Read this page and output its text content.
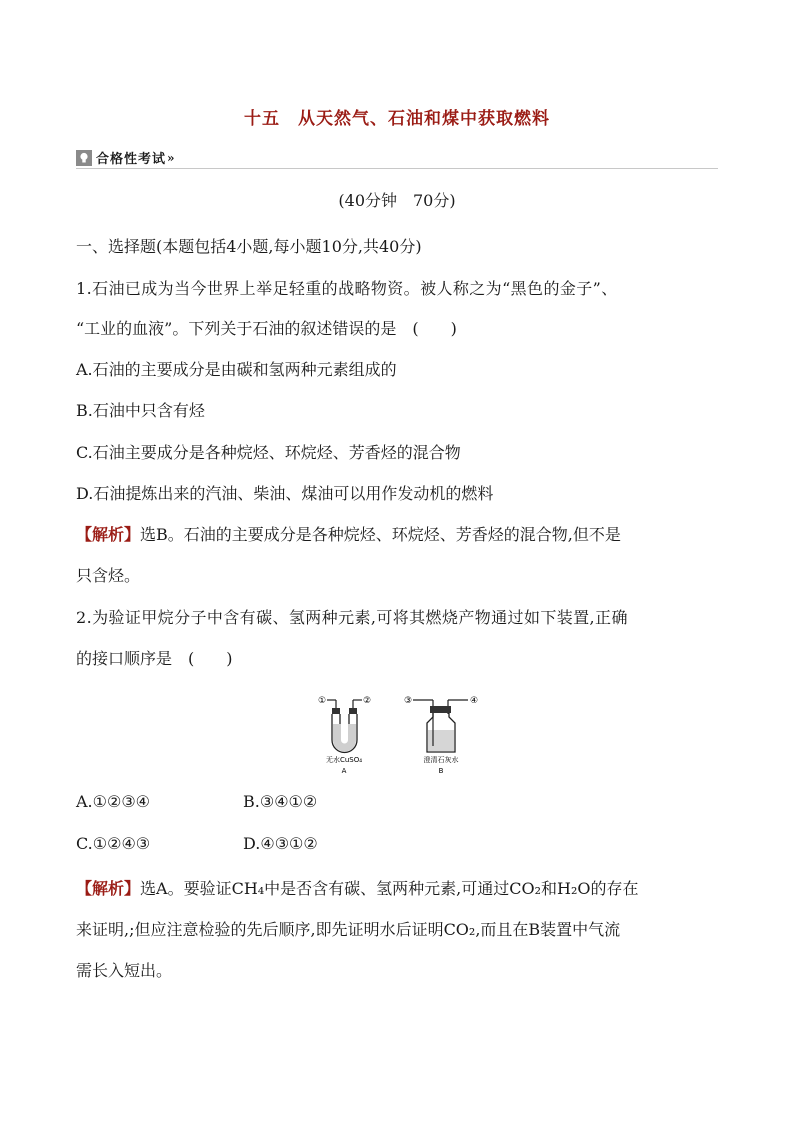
十五　从天然气、石油和煤中获取燃料
合格性考试 »
(40分钟　70分)
一、选择题(本题包括4小题,每小题10分,共40分)
1.石油已成为当今世界上举足轻重的战略物资。被人称之为“黑色的金子”、
“工业的血液”。下列关于石油的叙述错误的是　(　　)
A.石油的主要成分是由碳和氢两种元素组成的
B.石油中只含有烃
C.石油主要成分是各种烷烃、环烷烃、芳香烃的混合物
D.石油提炼出来的汽油、柴油、煤油可以用作发动机的燃料
【解析】选B。石油的主要成分是各种烷烃、环烷烃、芳香烃的混合物,但不是
只含烃。
2.为验证甲烷分子中含有碳、氢两种元素,可将其燃烧产物通过如下装置,正确
的接口顺序是　(　　)
①	②
无水CuSO₄
A
③	④
澄清石灰水
B
A.①②③④	B.③④①②
C.①②④③	D.④③①②
【解析】选A。要验证CH₄中是否含有碳、氢两种元素,可通过CO₂和H₂O的存在
来证明,;但应注意检验的先后顺序,即先证明水后证明CO₂,而且在B装置中气流
需长入短出。
